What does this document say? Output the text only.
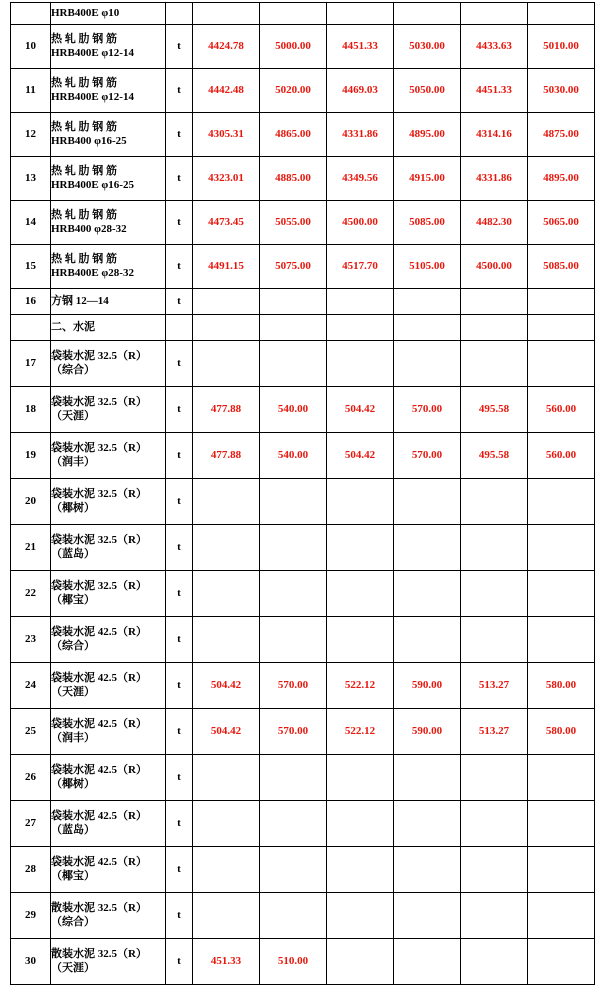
	HRB400E φ10							

10	热 轧 肋 钢 筋
HRB400E φ12-14	t	4424.78	5000.00	4451.33	5030.00	4433.63	5010.00
11	热 轧 肋 钢 筋
HRB400E φ12-14	t	4442.48	5020.00	4469.03	5050.00	4451.33	5030.00
12	热 轧 肋 钢 筋
HRB400 φ16-25	t	4305.31	4865.00	4331.86	4895.00	4314.16	4875.00
13	热 轧 肋 钢 筋
HRB400E φ16-25	t	4323.01	4885.00	4349.56	4915.00	4331.86	4895.00
14	热 轧 肋 钢 筋
HRB400 φ28-32	t	4473.45	5055.00	4500.00	5085.00	4482.30	5065.00
15	热 轧 肋 钢 筋
HRB400E φ28-32	t	4491.15	5075.00	4517.70	5105.00	4500.00	5085.00
16	方钢 12—14	t						
	二、水泥							
17	袋装水泥 32.5（R）
（综合）	t						
18	袋装水泥 32.5（R）
（天涯）	t	477.88	540.00	504.42	570.00	495.58	560.00
19	袋装水泥 32.5（R）
（润丰）	t	477.88	540.00	504.42	570.00	495.58	560.00
20	袋装水泥 32.5（R）
（椰树）	t						
21	袋装水泥 32.5（R）
（蓝岛）	t						
22	袋装水泥 32.5（R）
（椰宝）	t						
23	袋装水泥 42.5（R）
（综合）	t						
24	袋装水泥 42.5（R）
（天涯）	t	504.42	570.00	522.12	590.00	513.27	580.00
25	袋装水泥 42.5（R）
（润丰）	t	504.42	570.00	522.12	590.00	513.27	580.00
26	袋装水泥 42.5（R）
（椰树）	t						
27	袋装水泥 42.5（R）
（蓝岛）	t						
28	袋装水泥 42.5（R）
（椰宝）	t						
29	散装水泥 32.5（R）
（综合）	t						
30	散装水泥 32.5（R）
（天涯）	t	451.33	510.00				
